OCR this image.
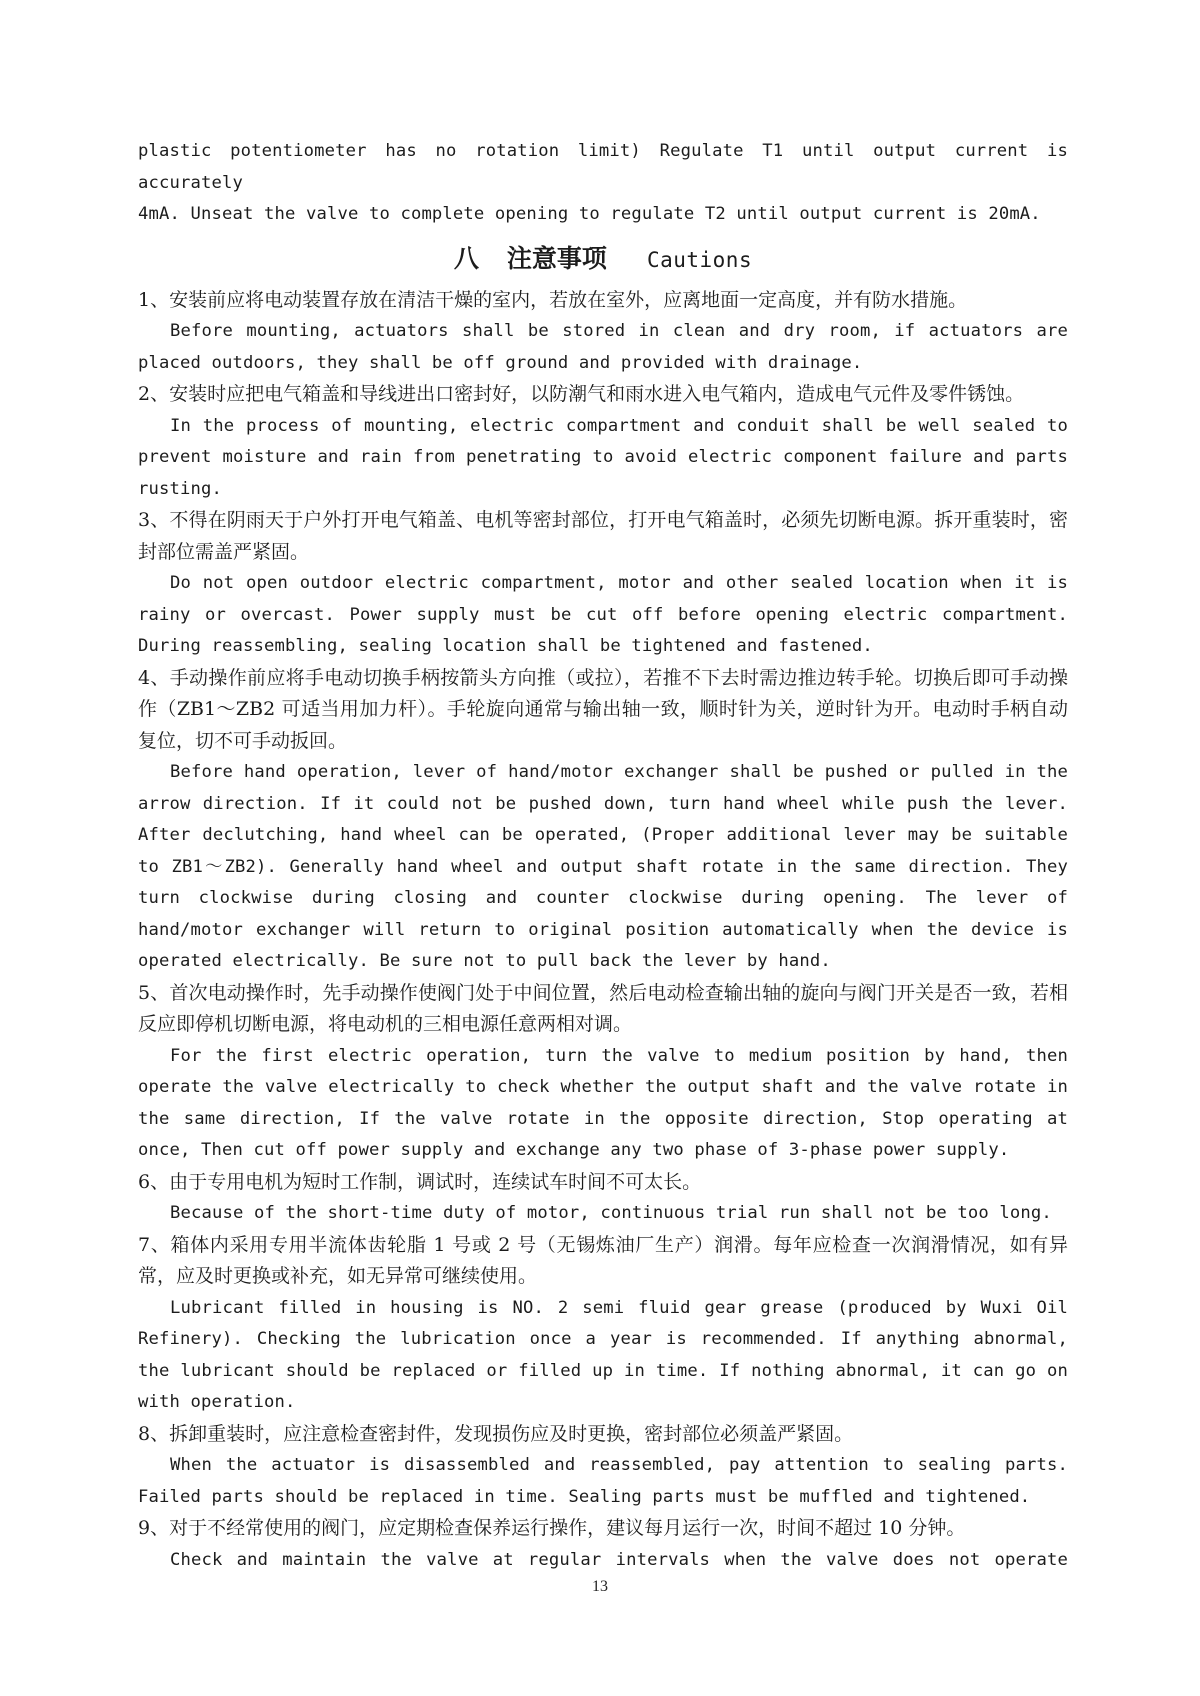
plastic potentiometer has no rotation limit) Regulate T1 until output current is accurately

4mA. Unseat the valve to complete opening to regulate T2 until output current is 20mA.

八 注意事项 Cautions

1、安装前应将电动装置存放在清洁干燥的室内，若放在室外，应离地面一定高度，并有防水措施。

Before mounting, actuators shall be stored in clean and dry room, if actuators are placed outdoors, they shall be off ground and provided with drainage.

2、安装时应把电气箱盖和导线进出口密封好，以防潮气和雨水进入电气箱内，造成电气元件及零件锈蚀。

In the process of mounting, electric compartment and conduit shall be well sealed to prevent moisture and rain from penetrating to avoid electric component failure and parts rusting.

3、不得在阴雨天于户外打开电气箱盖、电机等密封部位，打开电气箱盖时，必须先切断电源。拆开重装时，密封部位需盖严紧固。

Do not open outdoor electric compartment, motor and other sealed location when it is rainy or overcast. Power supply must be cut off before opening electric compartment. During reassembling, sealing location shall be tightened and fastened.

4、手动操作前应将手电动切换手柄按箭头方向推（或拉），若推不下去时需边推边转手轮。切换后即可手动操作（ZB1～ZB2 可适当用加力杆）。手轮旋向通常与输出轴一致，顺时针为关，逆时针为开。电动时手柄自动复位，切不可手动扳回。

Before hand operation, lever of hand/motor exchanger shall be pushed or pulled in the arrow direction. If it could not be pushed down, turn hand wheel while push the lever. After declutching, hand wheel can be operated, (Proper additional lever may be suitable to ZB1～ZB2). Generally hand wheel and output shaft rotate in the same direction. They turn clockwise during closing and counter clockwise during opening. The lever of hand/motor exchanger will return to original position automatically when the device is operated electrically. Be sure not to pull back the lever by hand.

5、首次电动操作时，先手动操作使阀门处于中间位置，然后电动检查输出轴的旋向与阀门开关是否一致，若相反应即停机切断电源，将电动机的三相电源任意两相对调。

For the first electric operation, turn the valve to medium position by hand, then operate the valve electrically to check whether the output shaft and the valve rotate in the same direction, If the valve rotate in the opposite direction, Stop operating at once, Then cut off power supply and exchange any two phase of 3-phase power supply.

6、由于专用电机为短时工作制，调试时，连续试车时间不可太长。

Because of the short-time duty of motor, continuous trial run shall not be too long.

7、箱体内采用专用半流体齿轮脂 1 号或 2 号（无锡炼油厂生产）润滑。每年应检查一次润滑情况，如有异常，应及时更换或补充，如无异常可继续使用。

Lubricant filled in housing is NO. 2 semi fluid gear grease (produced by Wuxi Oil Refinery). Checking the lubrication once a year is recommended. If anything abnormal, the lubricant should be replaced or filled up in time. If nothing abnormal, it can go on with operation.

8、拆卸重装时，应注意检查密封件，发现损伤应及时更换，密封部位必须盖严紧固。

When the actuator is disassembled and reassembled, pay attention to sealing parts. Failed parts should be replaced in time. Sealing parts must be muffled and tightened.

9、对于不经常使用的阀门，应定期检查保养运行操作，建议每月运行一次，时间不超过 10 分钟。

Check and maintain the valve at regular intervals when the valve does not operate

13
